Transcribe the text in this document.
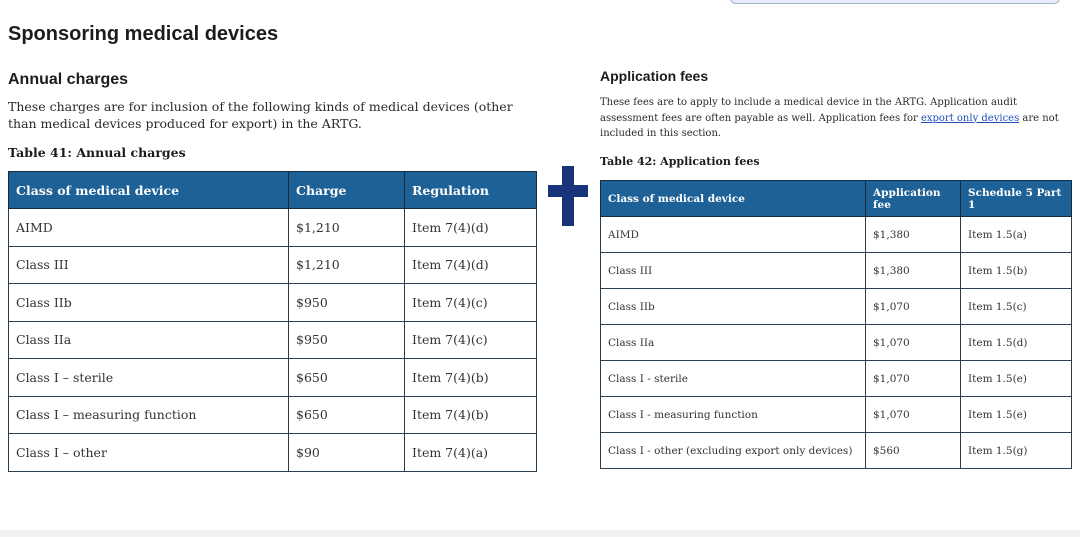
Sponsoring medical devices
Annual charges

These charges are for inclusion of the following kinds of medical devices (other than medical devices produced for export) in the ARTG.

Table 41: Annual charges

Class of medical device	Charge	Regulation
AIMD	$1,210	Item 7(4)(d)
Class III	$1,210	Item 7(4)(d)
Class IIb	$950	Item 7(4)(c)
Class IIa	$950	Item 7(4)(c)
Class I – sterile	$650	Item 7(4)(b)
Class I – measuring function	$650	Item 7(4)(b)
Class I – other	$90	Item 7(4)(a)
Application fees

These fees are to apply to include a medical device in the ARTG. Application audit assessment fees are often payable as well. Application fees for export only devices are not included in this section.

Table 42: Application fees

Class of medical device	Application fee	Schedule 5 Part 1
AIMD	$1,380	Item 1.5(a)
Class III	$1,380	Item 1.5(b)
Class IIb	$1,070	Item 1.5(c)
Class IIa	$1,070	Item 1.5(d)
Class I - sterile	$1,070	Item 1.5(e)
Class I - measuring function	$1,070	Item 1.5(e)
Class I - other (excluding export only devices)	$560	Item 1.5(g)
